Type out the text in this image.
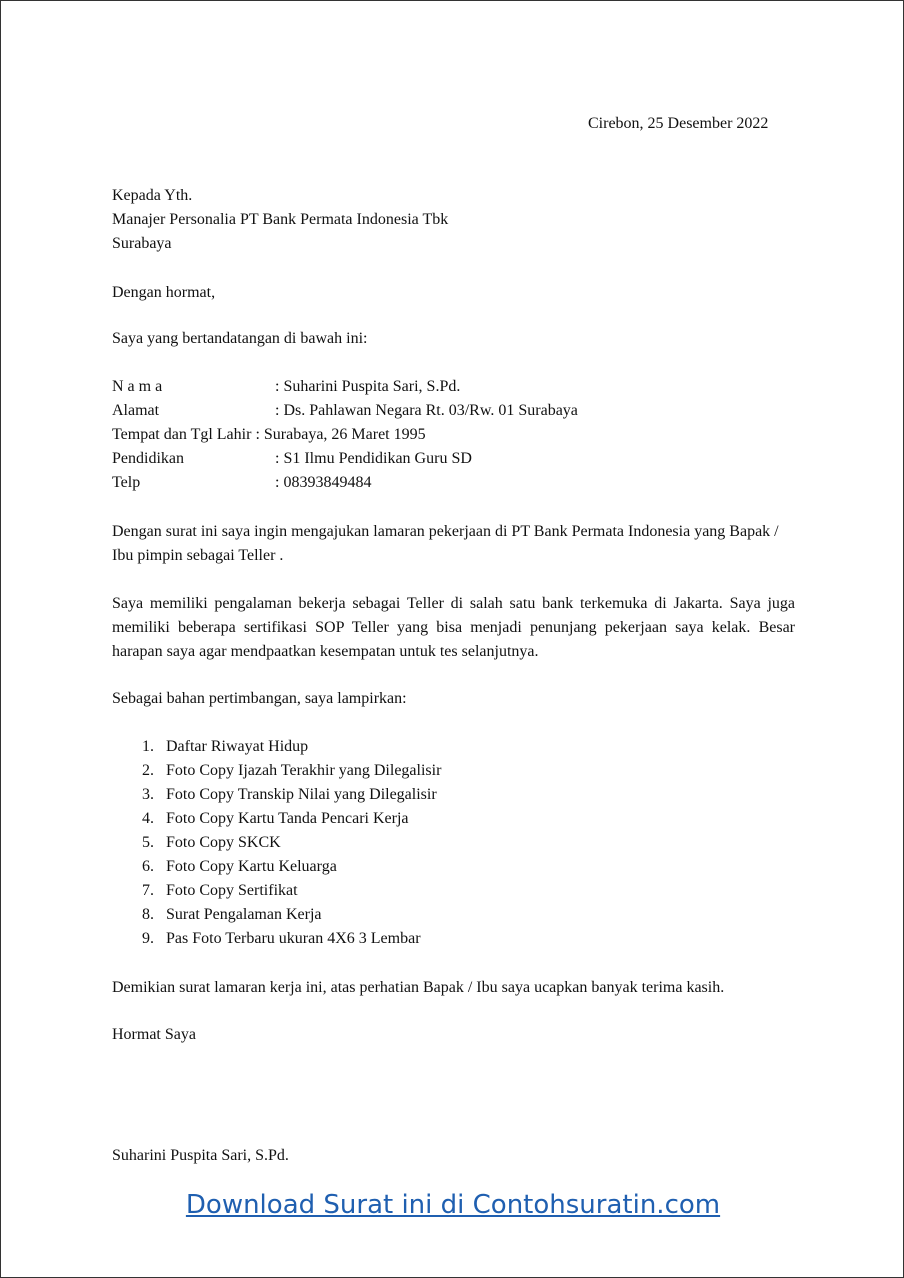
Cirebon, 25 Desember 2022
Kepada Yth.
Manajer Personalia PT Bank Permata Indonesia Tbk
Surabaya
Dengan hormat,
Saya yang bertandatangan di bawah ini:
N a m a	: Suharini Puspita Sari, S.Pd.
Alamat	: Ds. Pahlawan Negara Rt. 03/Rw. 01 Surabaya
Tempat dan Tgl Lahir : Surabaya, 26 Maret 1995
Pendidikan	: S1 Ilmu Pendidikan Guru SD
Telp	: 08393849484
Dengan surat ini saya ingin mengajukan lamaran pekerjaan di PT Bank Permata Indonesia yang Bapak / Ibu pimpin sebagai Teller .
Saya memiliki pengalaman bekerja sebagai Teller di salah satu bank terkemuka di Jakarta. Saya juga memiliki beberapa sertifikasi SOP Teller yang bisa menjadi penunjang pekerjaan saya kelak. Besar harapan saya agar mendpaatkan kesempatan untuk tes selanjutnya.
Sebagai bahan pertimbangan, saya lampirkan:
1. Daftar Riwayat Hidup
2. Foto Copy Ijazah Terakhir yang Dilegalisir
3. Foto Copy Transkip Nilai yang Dilegalisir
4. Foto Copy Kartu Tanda Pencari Kerja
5. Foto Copy SKCK
6. Foto Copy Kartu Keluarga
7. Foto Copy Sertifikat
8. Surat Pengalaman Kerja
9. Pas Foto Terbaru ukuran 4X6 3 Lembar
Demikian surat lamaran kerja ini, atas perhatian Bapak / Ibu saya ucapkan banyak terima kasih.
Hormat Saya
Suharini Puspita Sari, S.Pd.
Download Surat ini di Contohsuratin.com
